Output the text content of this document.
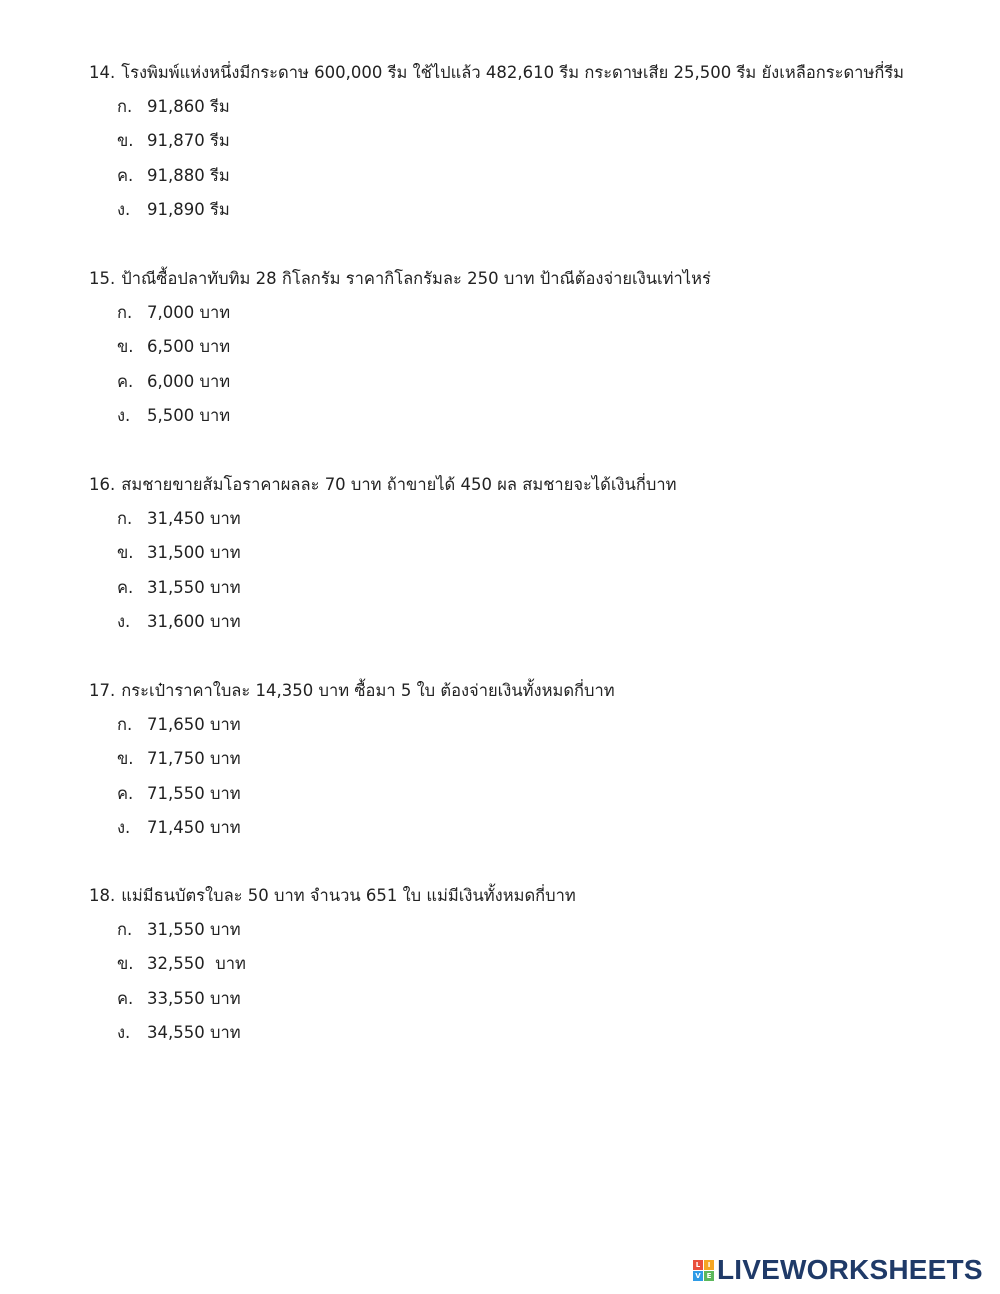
14. โรงพิมพ์แห่งหนึ่งมีกระดาษ 600,000 รีม ใช้ไปแล้ว 482,610 รีม กระดาษเสีย 25,500 รีม ยังเหลือกระดาษกี่รีม
ก. 91,860 รีม
ข. 91,870 รีม
ค. 91,880 รีม
ง. 91,890 รีม
15. ป้าณีซื้อปลาทับทิม 28 กิโลกรัม ราคากิโลกรัมละ 250 บาท ป้าณีต้องจ่ายเงินเท่าไหร่
ก. 7,000 บาท
ข. 6,500 บาท
ค. 6,000 บาท
ง. 5,500 บาท
16. สมชายขายส้มโอราคาผลละ 70 บาท ถ้าขายได้ 450 ผล สมชายจะได้เงินกี่บาท
ก. 31,450 บาท
ข. 31,500 บาท
ค. 31,550 บาท
ง. 31,600 บาท
17. กระเป๋าราคาใบละ 14,350 บาท ซื้อมา 5 ใบ ต้องจ่ายเงินทั้งหมดกี่บาท
ก. 71,650 บาท
ข. 71,750 บาท
ค. 71,550 บาท
ง. 71,450 บาท
18. แม่มีธนบัตรใบละ 50 บาท จำนวน 651 ใบ แม่มีเงินทั้งหมดกี่บาท
ก. 31,550 บาท
ข. 32,550  บาท
ค. 33,550 บาท
ง. 34,550 บาท
L	I
V E LIVEWORKSHEETS
